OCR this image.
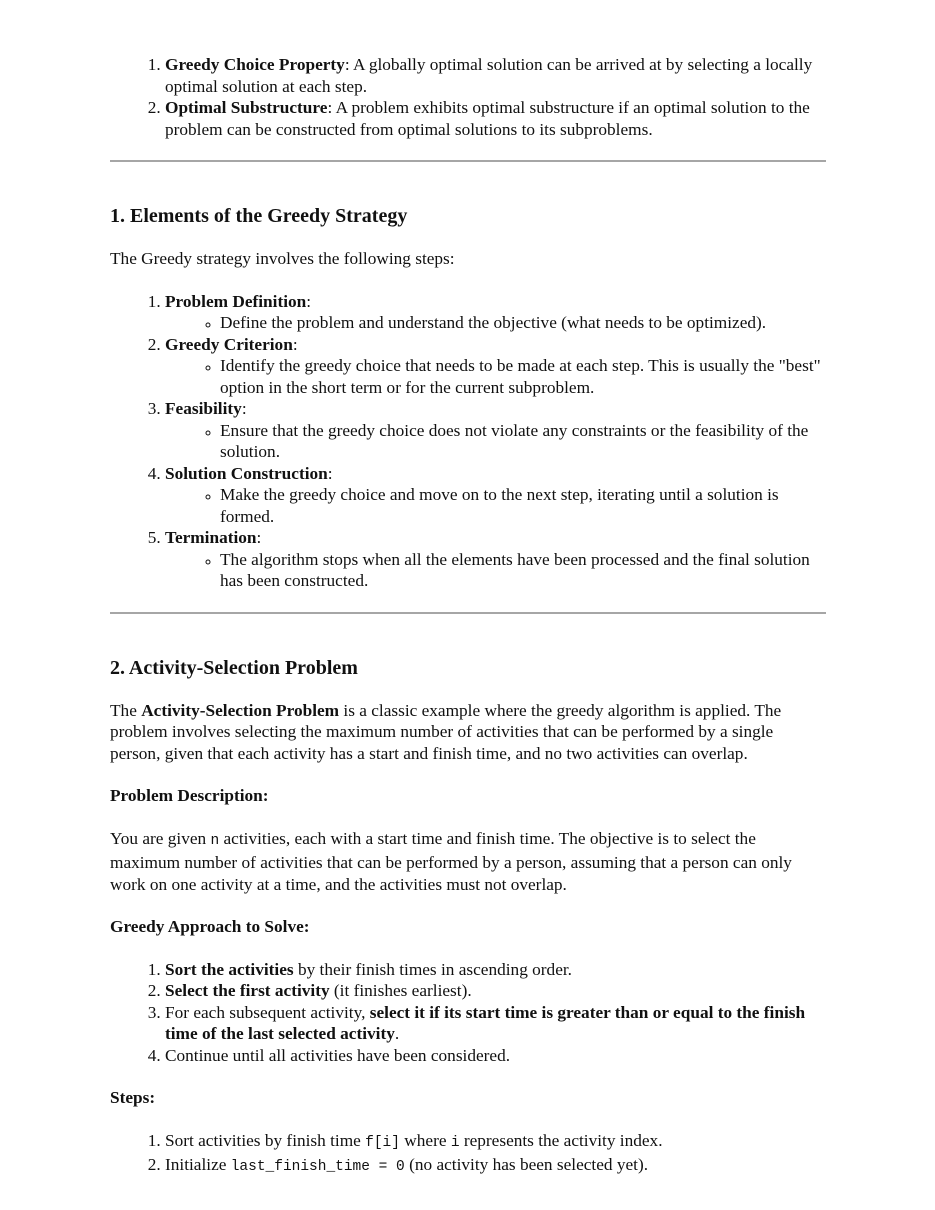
1. Greedy Choice Property: A globally optimal solution can be arrived at by selecting a locally optimal solution at each step.
2. Optimal Substructure: A problem exhibits optimal substructure if an optimal solution to the problem can be constructed from optimal solutions to its subproblems.
1. Elements of the Greedy Strategy

The Greedy strategy involves the following steps:

1. Problem Definition:
◦ Define the problem and understand the objective (what needs to be optimized).
2. Greedy Criterion:
◦ Identify the greedy choice that needs to be made at each step. This is usually the "best" option in the short term or for the current subproblem.
3. Feasibility:
◦ Ensure that the greedy choice does not violate any constraints or the feasibility of the solution.
4. Solution Construction:
◦ Make the greedy choice and move on to the next step, iterating until a solution is formed.
5. Termination:
◦ The algorithm stops when all the elements have been processed and the final solution has been constructed.
2. Activity-Selection Problem

The Activity-Selection Problem is a classic example where the greedy algorithm is applied. The problem involves selecting the maximum number of activities that can be performed by a single person, given that each activity has a start and finish time, and no two activities can overlap.

Problem Description:

You are given n activities, each with a start time and finish time. The objective is to select the maximum number of activities that can be performed by a person, assuming that a person can only work on one activity at a time, and the activities must not overlap.

Greedy Approach to Solve:

1. Sort the activities by their finish times in ascending order.
2. Select the first activity (it finishes earliest).
3. For each subsequent activity, select it if its start time is greater than or equal to the finish time of the last selected activity.
4. Continue until all activities have been considered.

Steps:

1. Sort activities by finish time f[i] where i represents the activity index.
2. Initialize last_finish_time = 0 (no activity has been selected yet).
